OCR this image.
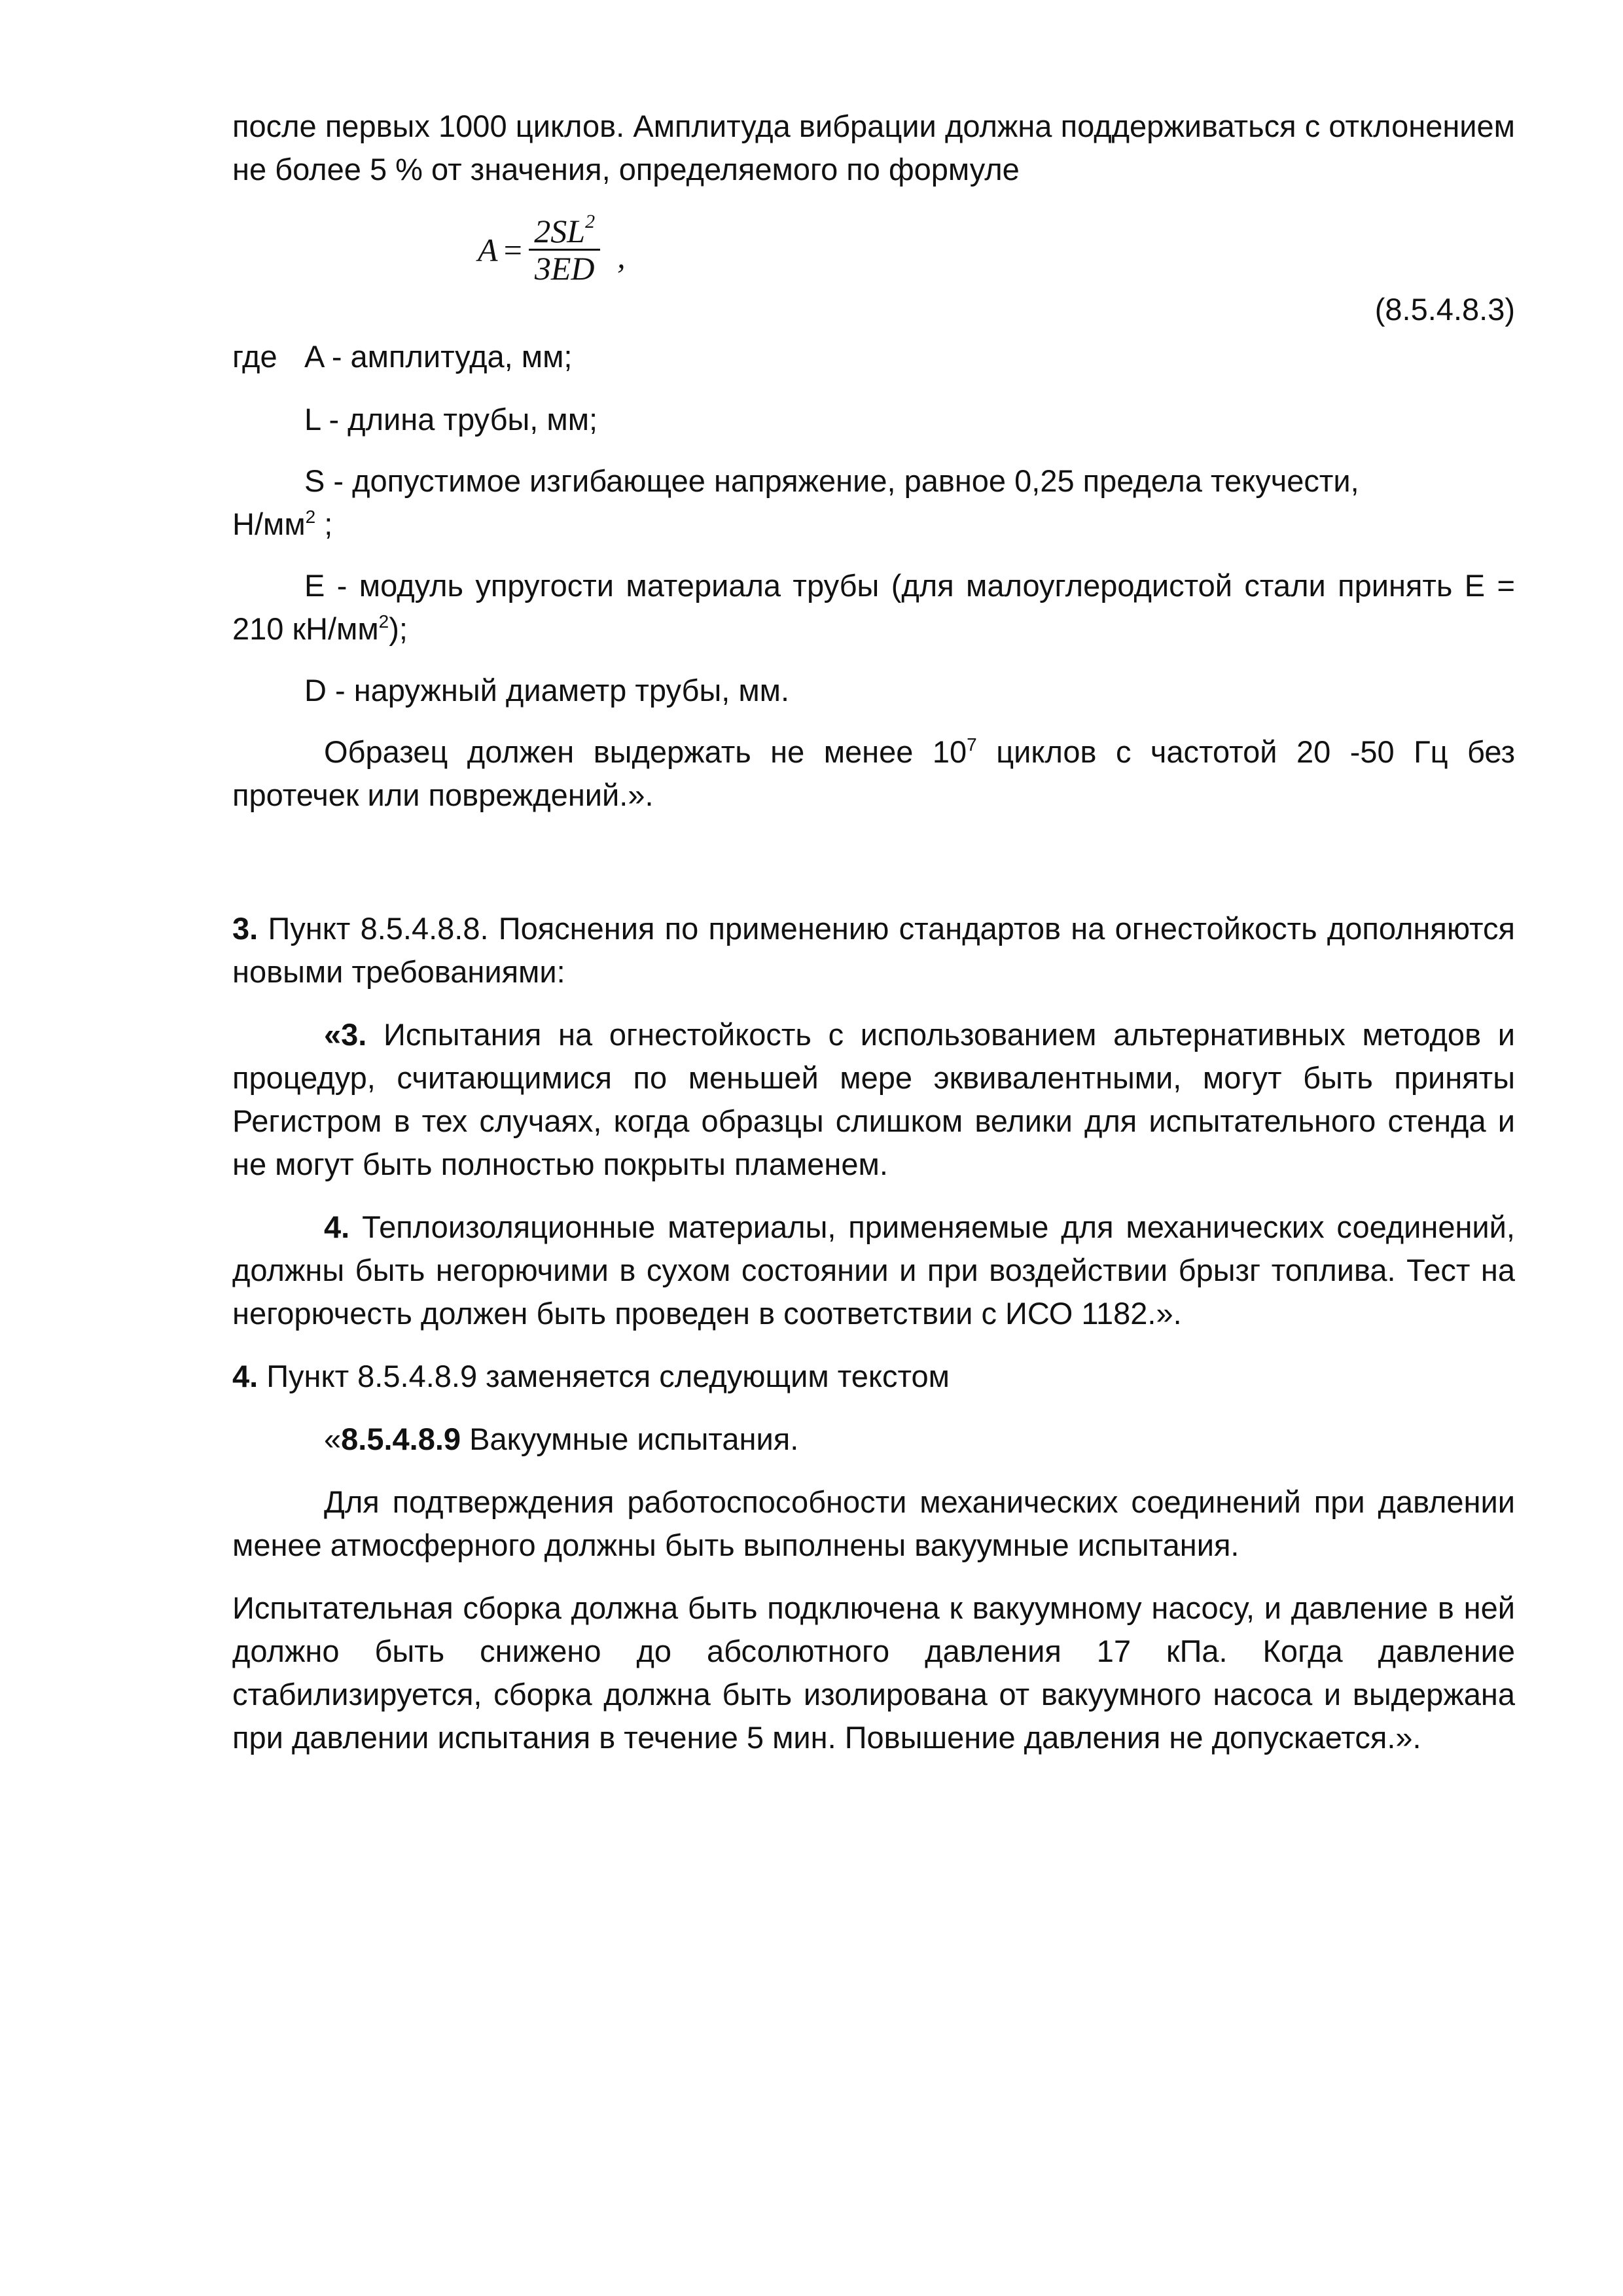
после первых 1000 циклов. Амплитуда вибрации должна поддерживаться с отклонением не более 5 % от значения, определяемого по формуле

$A = \frac{2SL^2}{3ED}$ ,
(8.5.4.8.3)
где A - амплитуда, мм;

L - длина трубы, мм;

S - допустимое изгибающее напряжение, равное 0,25 предела текучести,
$Н/мм^2$ ;

E - модуль упругости материала трубы (для малоуглеродистой стали принять E = 210 $кН/мм^2$);

D - наружный диаметр трубы, мм.

Образец должен выдержать не менее $10^7$ циклов с частотой 20 -50 Гц без протечек или повреждений.».

3. Пункт 8.5.4.8.8. Пояснения по применению стандартов на огнестойкость дополняются новыми требованиями:

«3. Испытания на огнестойкость с использованием альтернативных методов и процедур, считающимися по меньшей мере эквивалентными, могут быть приняты Регистром в тех случаях, когда образцы слишком велики для испытательного стенда и не могут быть полностью покрыты пламенем.

4. Теплоизоляционные материалы, применяемые для механических соединений, должны быть негорючими в сухом состоянии и при воздействии брызг топлива. Тест на негорючесть должен быть проведен в соответствии с ИСО 1182.».

4. Пункт 8.5.4.8.9 заменяется следующим текстом

«8.5.4.8.9 Вакуумные испытания.

Для подтверждения работоспособности механических соединений при давлении менее атмосферного должны быть выполнены вакуумные испытания.

Испытательная сборка должна быть подключена к вакуумному насосу, и давление в ней должно быть снижено до абсолютного давления 17 кПа. Когда давление стабилизируется, сборка должна быть изолирована от вакуумного насоса и выдержана при давлении испытания в течение 5 мин. Повышение давления не допускается.».
